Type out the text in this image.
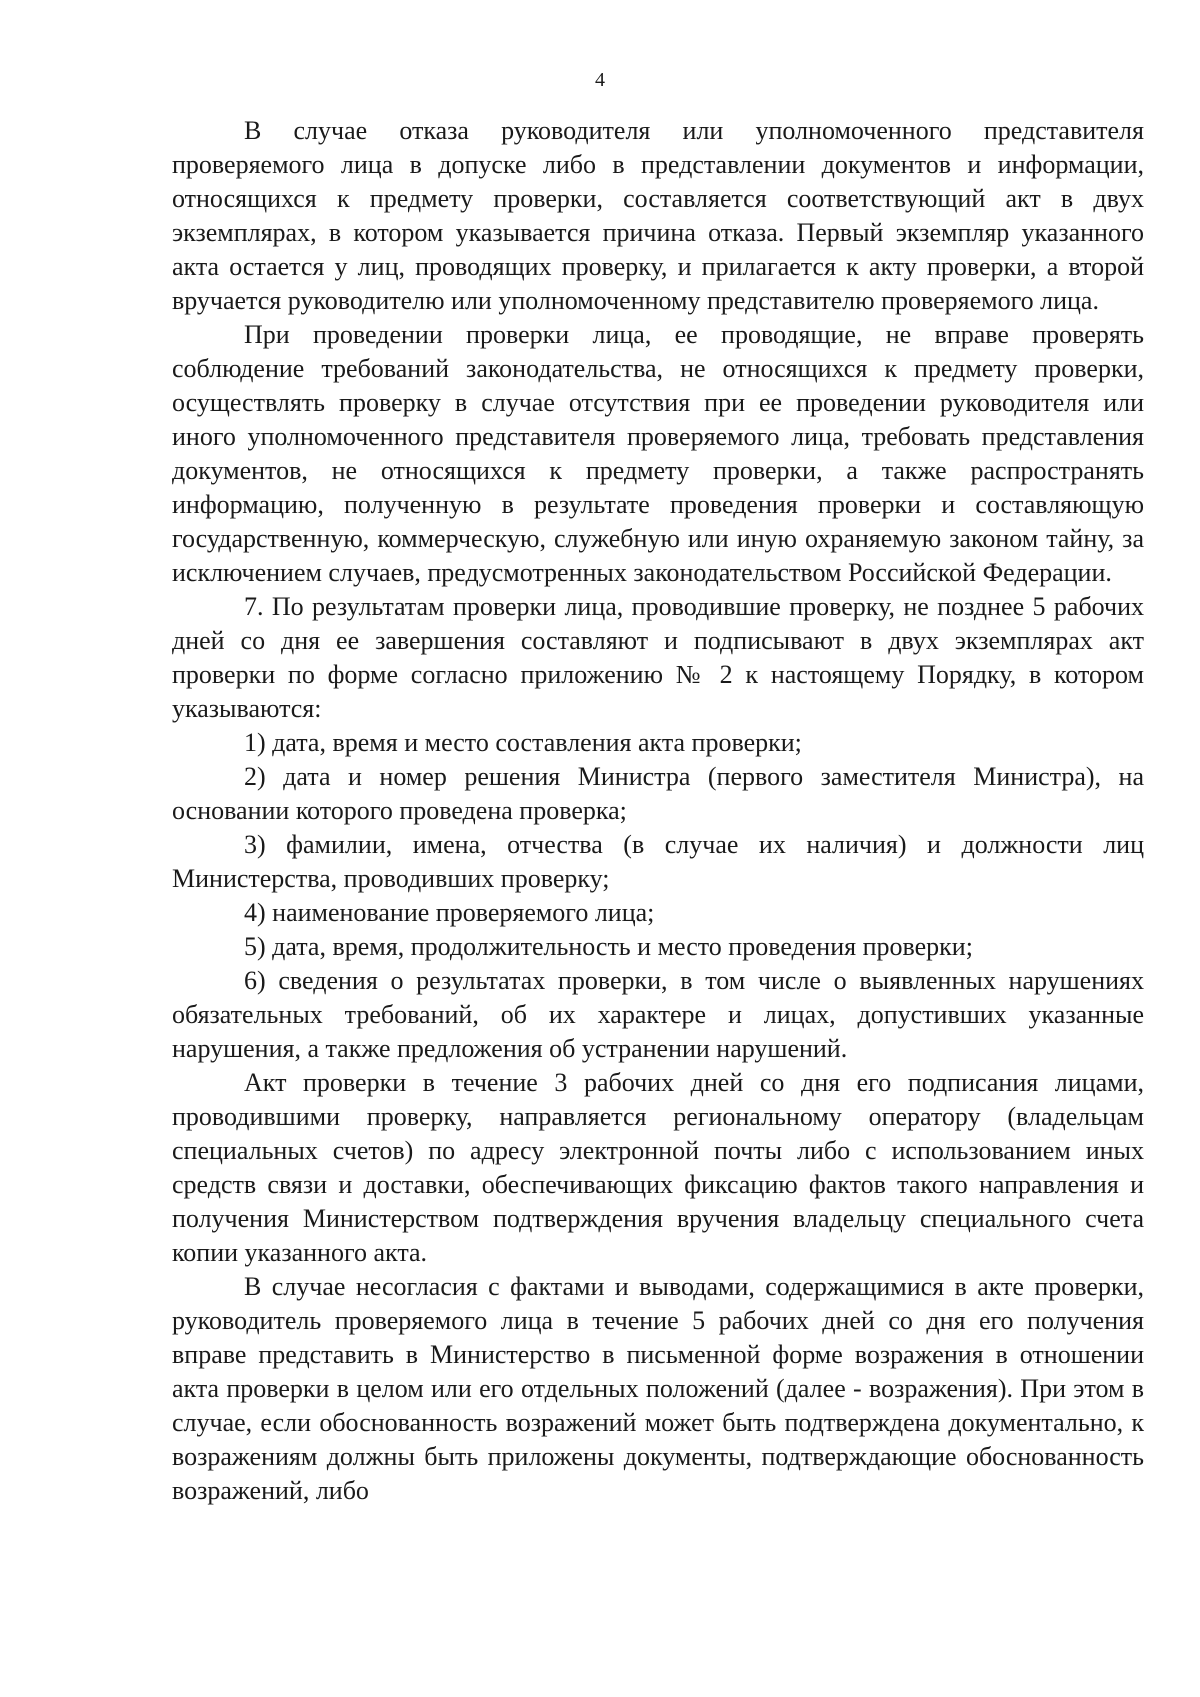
4

В случае отказа руководителя или уполномоченного представителя проверяемого лица в допуске либо в представлении документов и информации, относящихся к предмету проверки, составляется соответствующий акт в двух экземплярах, в котором указывается причина отказа. Первый экземпляр указанного акта остается у лиц, проводящих проверку, и прилагается к акту проверки, а второй вручается руководителю или уполномоченному представителю проверяемого лица.

При проведении проверки лица, ее проводящие, не вправе проверять соблюдение требований законодательства, не относящихся к предмету проверки, осуществлять проверку в случае отсутствия при ее проведении руководителя или иного уполномоченного представителя проверяемого лица, требовать представления документов, не относящихся к предмету проверки, а также распространять информацию, полученную в результате проведения проверки и составляющую государственную, коммерческую, служебную или иную охраняемую законом тайну, за исключением случаев, предусмотренных законодательством Российской Федерации.

7. По результатам проверки лица, проводившие проверку, не позднее 5 рабочих дней со дня ее завершения составляют и подписывают в двух экземплярах акт проверки по форме согласно приложению № 2 к настоящему Порядку, в котором указываются:

1) дата, время и место составления акта проверки;

2) дата и номер решения Министра (первого заместителя Министра), на основании которого проведена проверка;

3) фамилии, имена, отчества (в случае их наличия) и должности лиц Министерства, проводивших проверку;

4) наименование проверяемого лица;

5) дата, время, продолжительность и место проведения проверки;

6) сведения о результатах проверки, в том числе о выявленных нарушениях обязательных требований, об их характере и лицах, допустивших указанные нарушения, а также предложения об устранении нарушений.

Акт проверки в течение 3 рабочих дней со дня его подписания лицами, проводившими проверку, направляется региональному оператору (владельцам специальных счетов) по адресу электронной почты либо с использованием иных средств связи и доставки, обеспечивающих фиксацию фактов такого направления и получения Министерством подтверждения вручения владельцу специального счета копии указанного акта.

В случае несогласия с фактами и выводами, содержащимися в акте проверки, руководитель проверяемого лица в течение 5 рабочих дней со дня его получения вправе представить в Министерство в письменной форме возражения в отношении акта проверки в целом или его отдельных положений (далее - возражения). При этом в случае, если обоснованность возражений может быть подтверждена документально, к возражениям должны быть приложены документы, подтверждающие обоснованность возражений, либо
